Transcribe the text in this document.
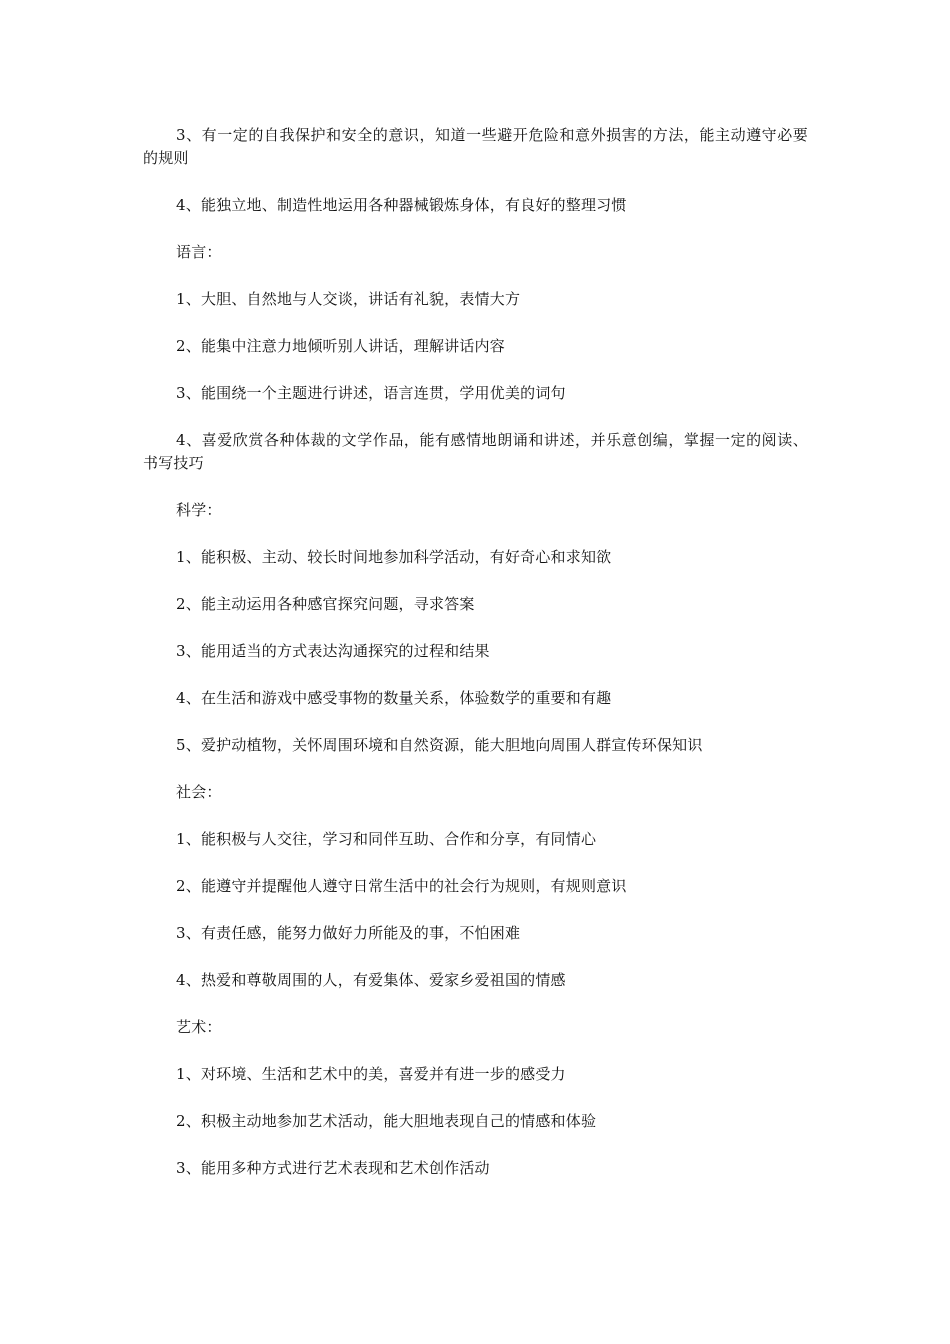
3、有一定的自我保护和安全的意识，知道一些避开危险和意外损害的方法，能主动遵守必要的规则

4、能独立地、制造性地运用各种器械锻炼身体，有良好的整理习惯

语言：

1、大胆、自然地与人交谈，讲话有礼貌，表情大方

2、能集中注意力地倾听别人讲话，理解讲话内容

3、能围绕一个主题进行讲述，语言连贯，学用优美的词句

4、喜爱欣赏各种体裁的文学作品，能有感情地朗诵和讲述，并乐意创编，掌握一定的阅读、书写技巧

科学：

1、能积极、主动、较长时间地参加科学活动，有好奇心和求知欲

2、能主动运用各种感官探究问题，寻求答案

3、能用适当的方式表达沟通探究的过程和结果

4、在生活和游戏中感受事物的数量关系，体验数学的重要和有趣

5、爱护动植物，关怀周围环境和自然资源，能大胆地向周围人群宣传环保知识

社会：

1、能积极与人交往，学习和同伴互助、合作和分享，有同情心

2、能遵守并提醒他人遵守日常生活中的社会行为规则，有规则意识

3、有责任感，能努力做好力所能及的事，不怕困难

4、热爱和尊敬周围的人，有爱集体、爱家乡爱祖国的情感

艺术：

1、对环境、生活和艺术中的美，喜爱并有进一步的感受力

2、积极主动地参加艺术活动，能大胆地表现自己的情感和体验

3、能用多种方式进行艺术表现和艺术创作活动
